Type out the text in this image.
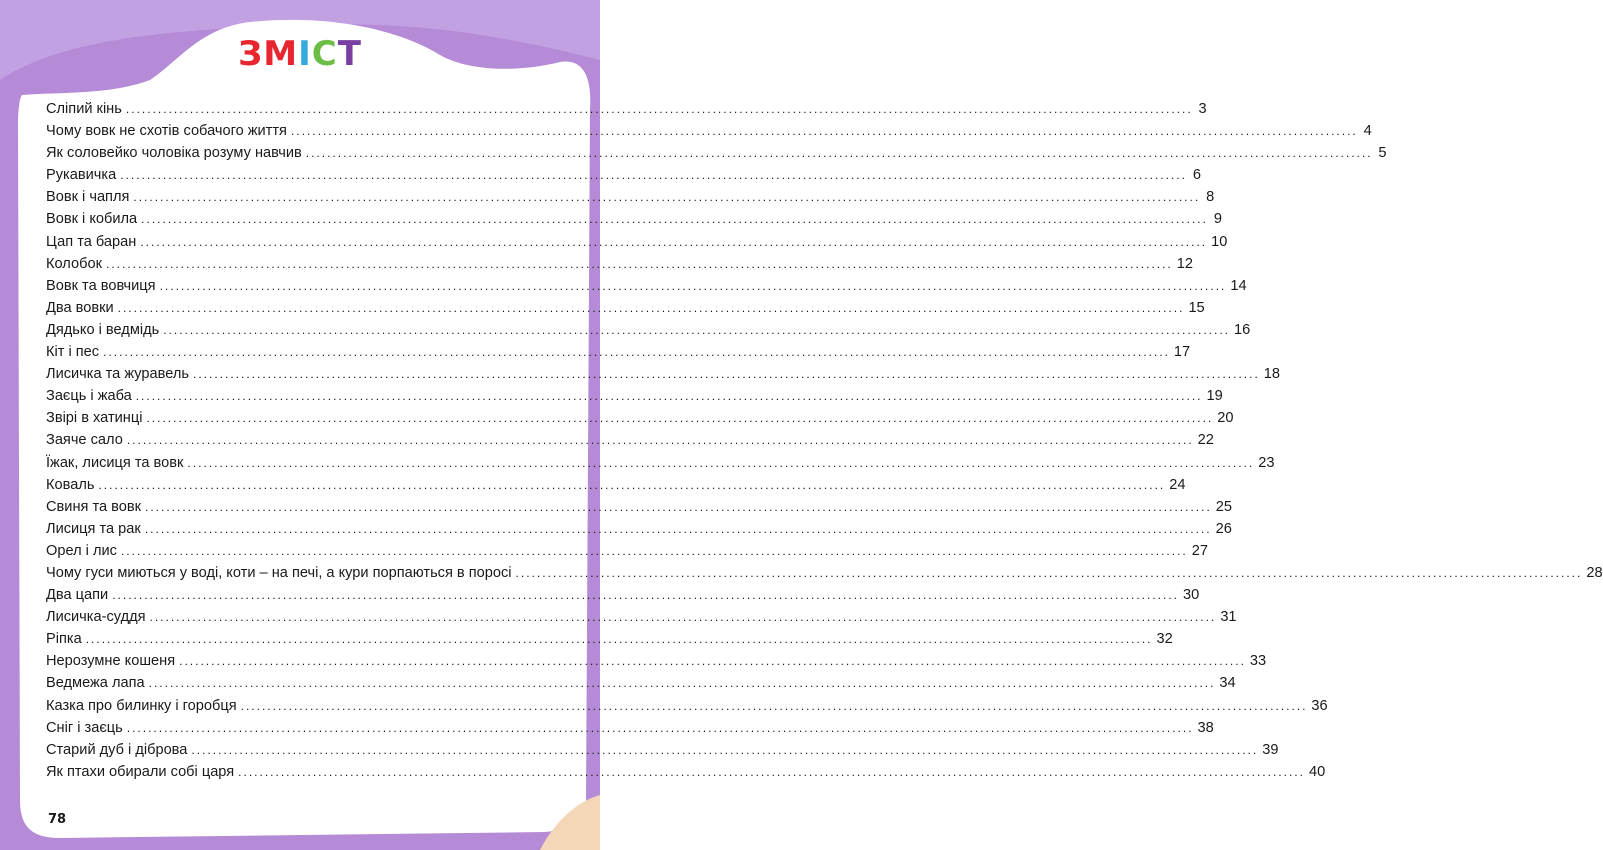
ЗМІСТ
Сліпий кінь ........................................................................................................................................................................................................ 3
Чому вовк не схотів собачого життя ........................................................................................................................................................................................................ 4
Як соловейко чоловіка розуму навчив ........................................................................................................................................................................................................ 5
Рукавичка ........................................................................................................................................................................................................ 6
Вовк і чапля ........................................................................................................................................................................................................ 8
Вовк і кобила ........................................................................................................................................................................................................ 9
Цап та баран ........................................................................................................................................................................................................ 10
Колобок ........................................................................................................................................................................................................ 12
Вовк та вовчиця ........................................................................................................................................................................................................ 14
Два вовки ........................................................................................................................................................................................................ 15
Дядько і ведмідь ........................................................................................................................................................................................................ 16
Кіт і пес ........................................................................................................................................................................................................ 17
Лисичка та журавель ........................................................................................................................................................................................................ 18
Заєць і жаба ........................................................................................................................................................................................................ 19
Звірі в хатинці ........................................................................................................................................................................................................ 20
Заяче сало ........................................................................................................................................................................................................ 22
Їжак, лисиця та вовк ........................................................................................................................................................................................................ 23
Коваль ........................................................................................................................................................................................................ 24
Свиня та вовк ........................................................................................................................................................................................................ 25
Лисиця та рак ........................................................................................................................................................................................................ 26
Орел і лис ........................................................................................................................................................................................................ 27
Чому гуси миються у воді, коти – на печі, а кури порпаються в поросі ........................................................................................................................................................................................................ 28
Два цапи ........................................................................................................................................................................................................ 30
Лисичка-суддя ........................................................................................................................................................................................................ 31
Ріпка ........................................................................................................................................................................................................ 32
Нерозумне кошеня ........................................................................................................................................................................................................ 33
Ведмежа лапа ........................................................................................................................................................................................................ 34
Казка про билинку і горобця ........................................................................................................................................................................................................ 36
Сніг і заєць ........................................................................................................................................................................................................ 38
Старий дуб і діброва ........................................................................................................................................................................................................ 39
Як птахи обирали собі царя ........................................................................................................................................................................................................ 40
78
